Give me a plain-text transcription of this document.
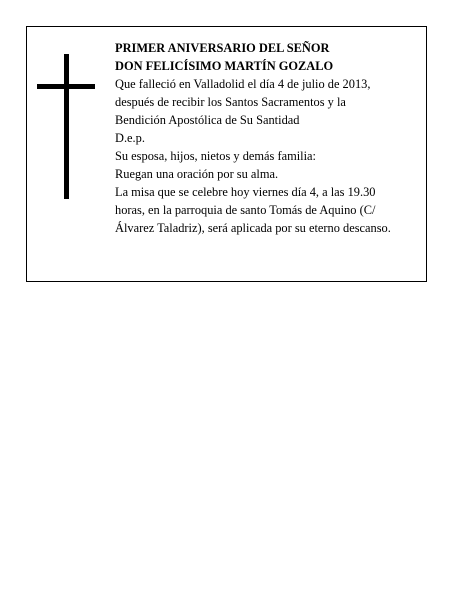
PRIMER ANIVERSARIO DEL SEÑOR
DON FELICÍSIMO MARTÍN GOZALO
Que falleció en Valladolid el día 4 de julio de 2013,
después de recibir los Santos Sacramentos y la
Bendición Apostólica de Su Santidad
D.e.p.
Su esposa, hijos, nietos y demás familia:
Ruegan una oración por su alma.
La misa que se celebre hoy viernes día 4, a las 19.30
horas, en la parroquia de santo Tomás de Aquino (C/
Álvarez Taladriz), será aplicada por su eterno descanso.
